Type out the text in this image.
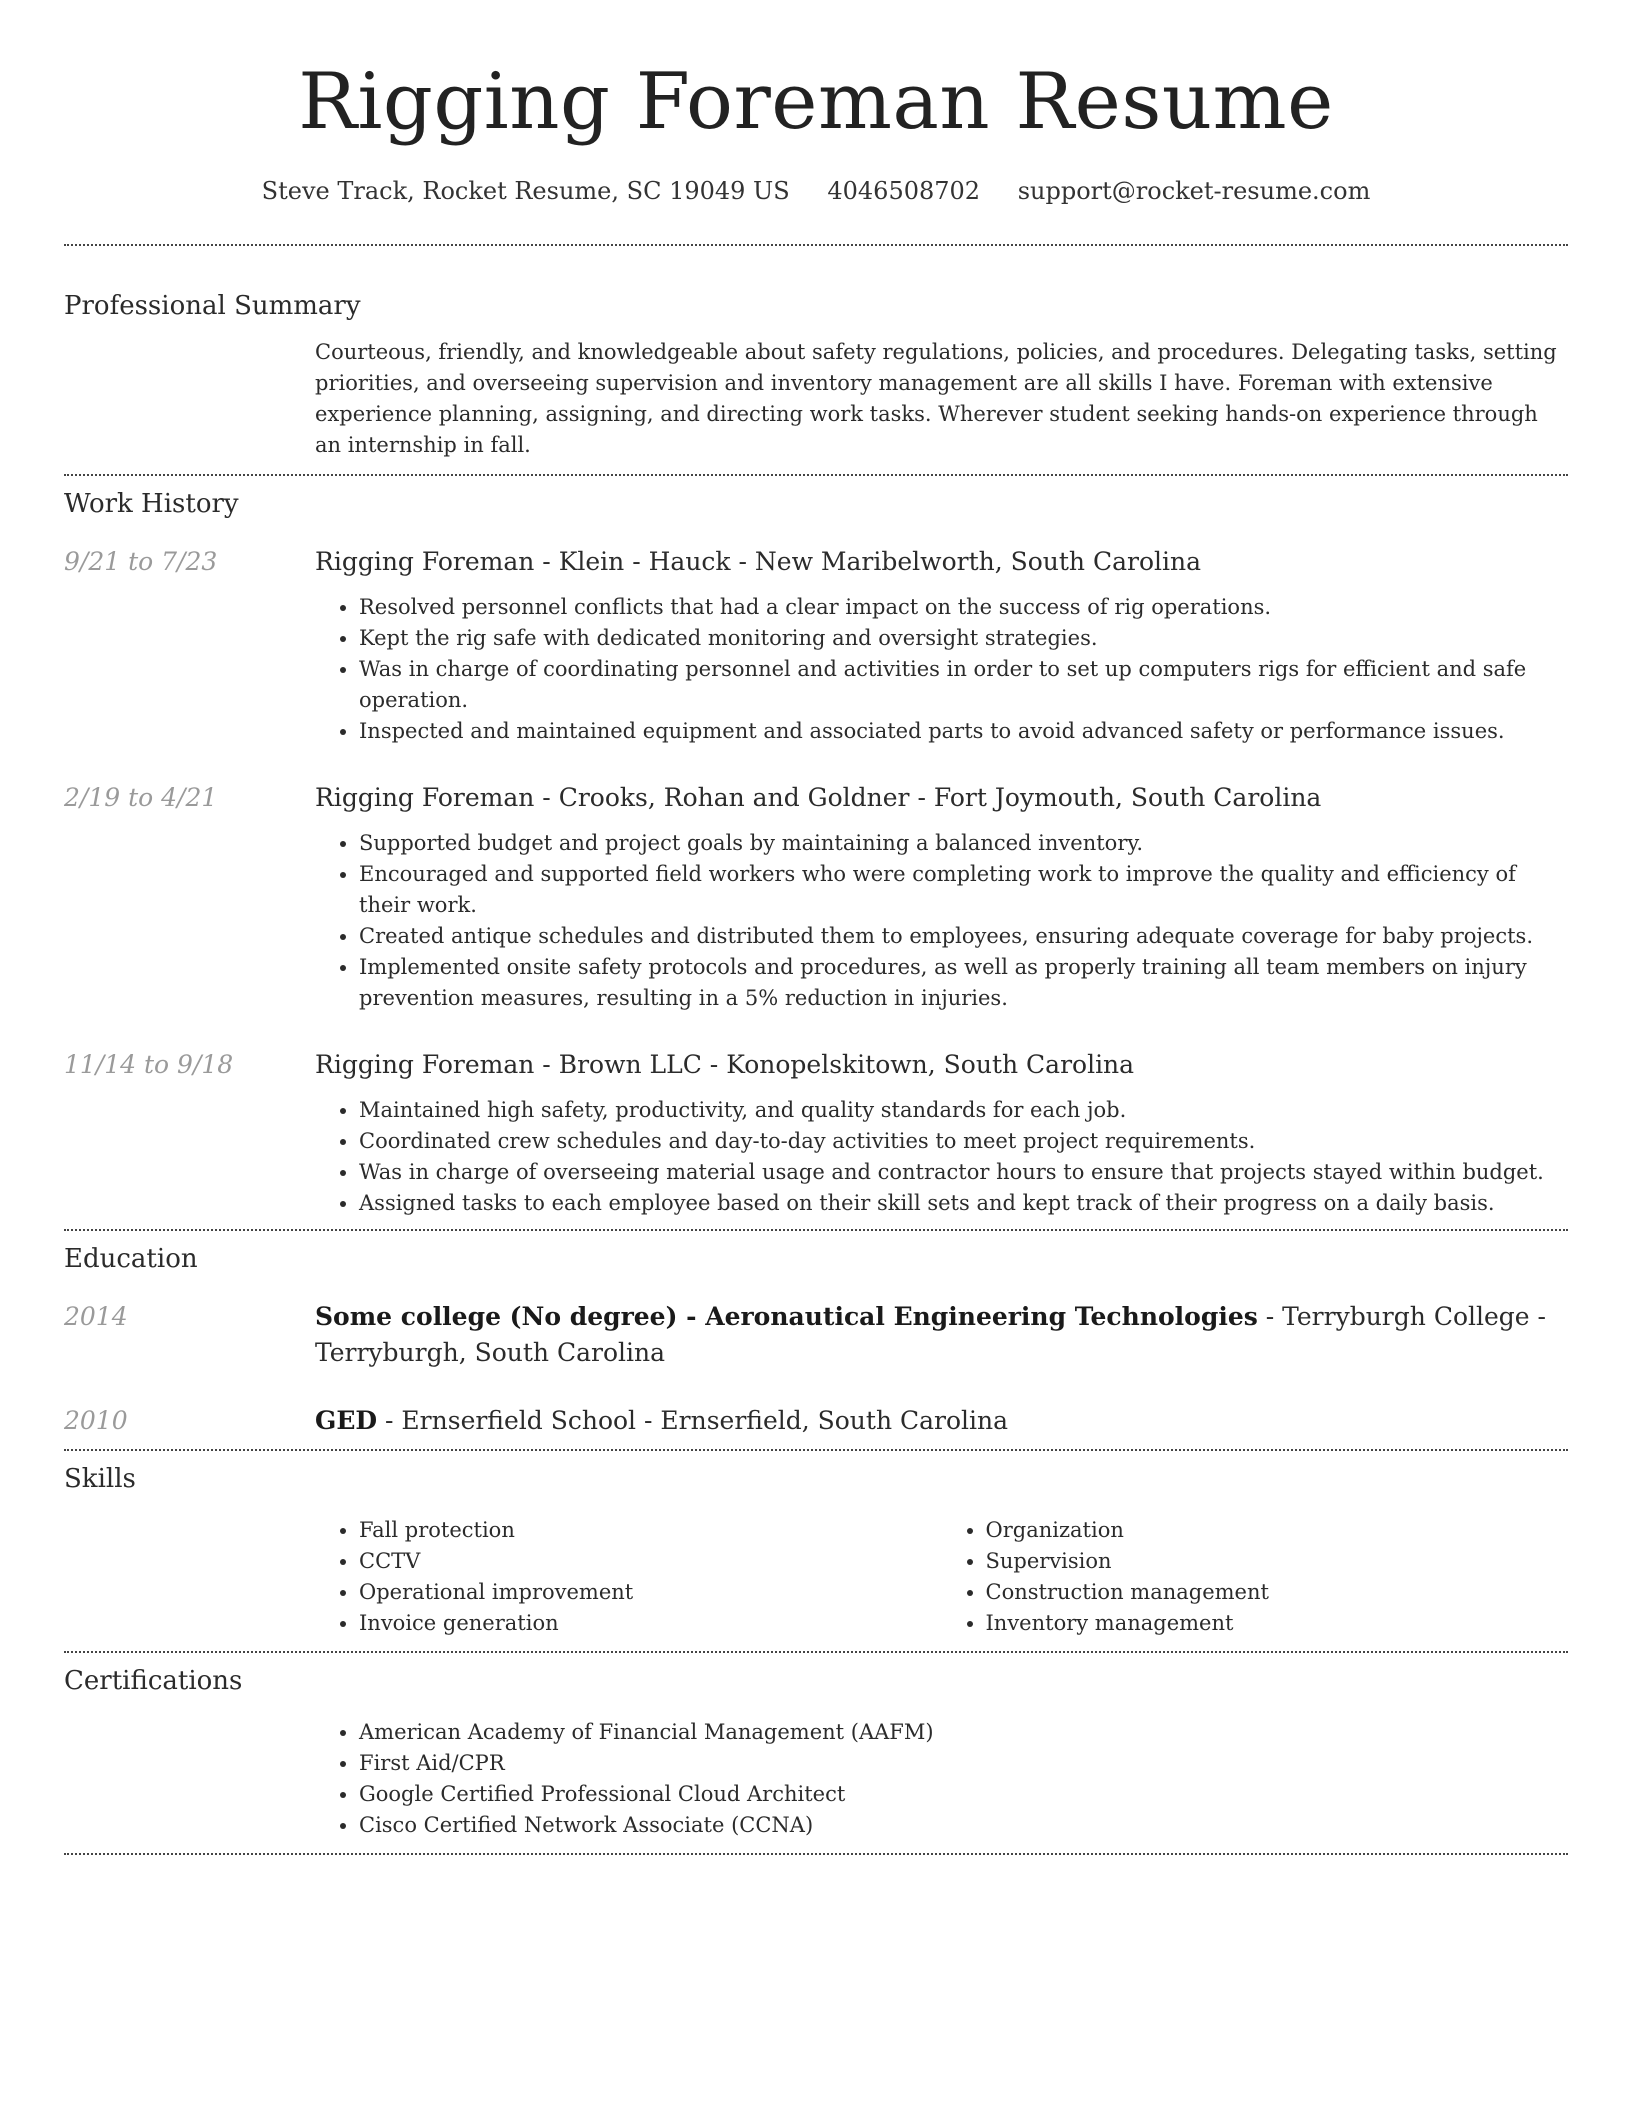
Rigging Foreman Resume
Steve Track, Rocket Resume, SC 19049 US 4046508702 support@rocket-resume.com
Professional Summary

Courteous, friendly, and knowledgeable about safety regulations, policies, and procedures. Delegating tasks, setting priorities, and overseeing supervision and inventory management are all skills I have. Foreman with extensive experience planning, assigning, and directing work tasks. Wherever student seeking hands-on experience through an internship in fall.

Work History
9/21 to 7/23	Rigging Foreman - Klein - Hauck - New Maribelworth, South Carolina
• Resolved personnel conflicts that had a clear impact on the success of rig operations.
• Kept the rig safe with dedicated monitoring and oversight strategies.
• Was in charge of coordinating personnel and activities in order to set up computers rigs for efficient and safe operation.
• Inspected and maintained equipment and associated parts to avoid advanced safety or performance issues.
2/19 to 4/21	Rigging Foreman - Crooks, Rohan and Goldner - Fort Joymouth, South Carolina
• Supported budget and project goals by maintaining a balanced inventory.
• Encouraged and supported field workers who were completing work to improve the quality and efficiency of their work.
• Created antique schedules and distributed them to employees, ensuring adequate coverage for baby projects.
• Implemented onsite safety protocols and procedures, as well as properly training all team members on injury prevention measures, resulting in a 5% reduction in injuries.
11/14 to 9/18	Rigging Foreman - Brown LLC - Konopelskitown, South Carolina
• Maintained high safety, productivity, and quality standards for each job.
• Coordinated crew schedules and day-to-day activities to meet project requirements.
• Was in charge of overseeing material usage and contractor hours to ensure that projects stayed within budget.
• Assigned tasks to each employee based on their skill sets and kept track of their progress on a daily basis.
Education
2014	Some college (No degree) - Aeronautical Engineering Technologies - Terryburgh College - Terryburgh, South Carolina
2010	GED - Ernserfield School - Ernserfield, South Carolina
Skills
• Fall protection
• CCTV
• Operational improvement
• Invoice generation
• Organization
• Supervision
• Construction management
• Inventory management
Certifications
• American Academy of Financial Management (AAFM)
• First Aid/CPR
• Google Certified Professional Cloud Architect
• Cisco Certified Network Associate (CCNA)
